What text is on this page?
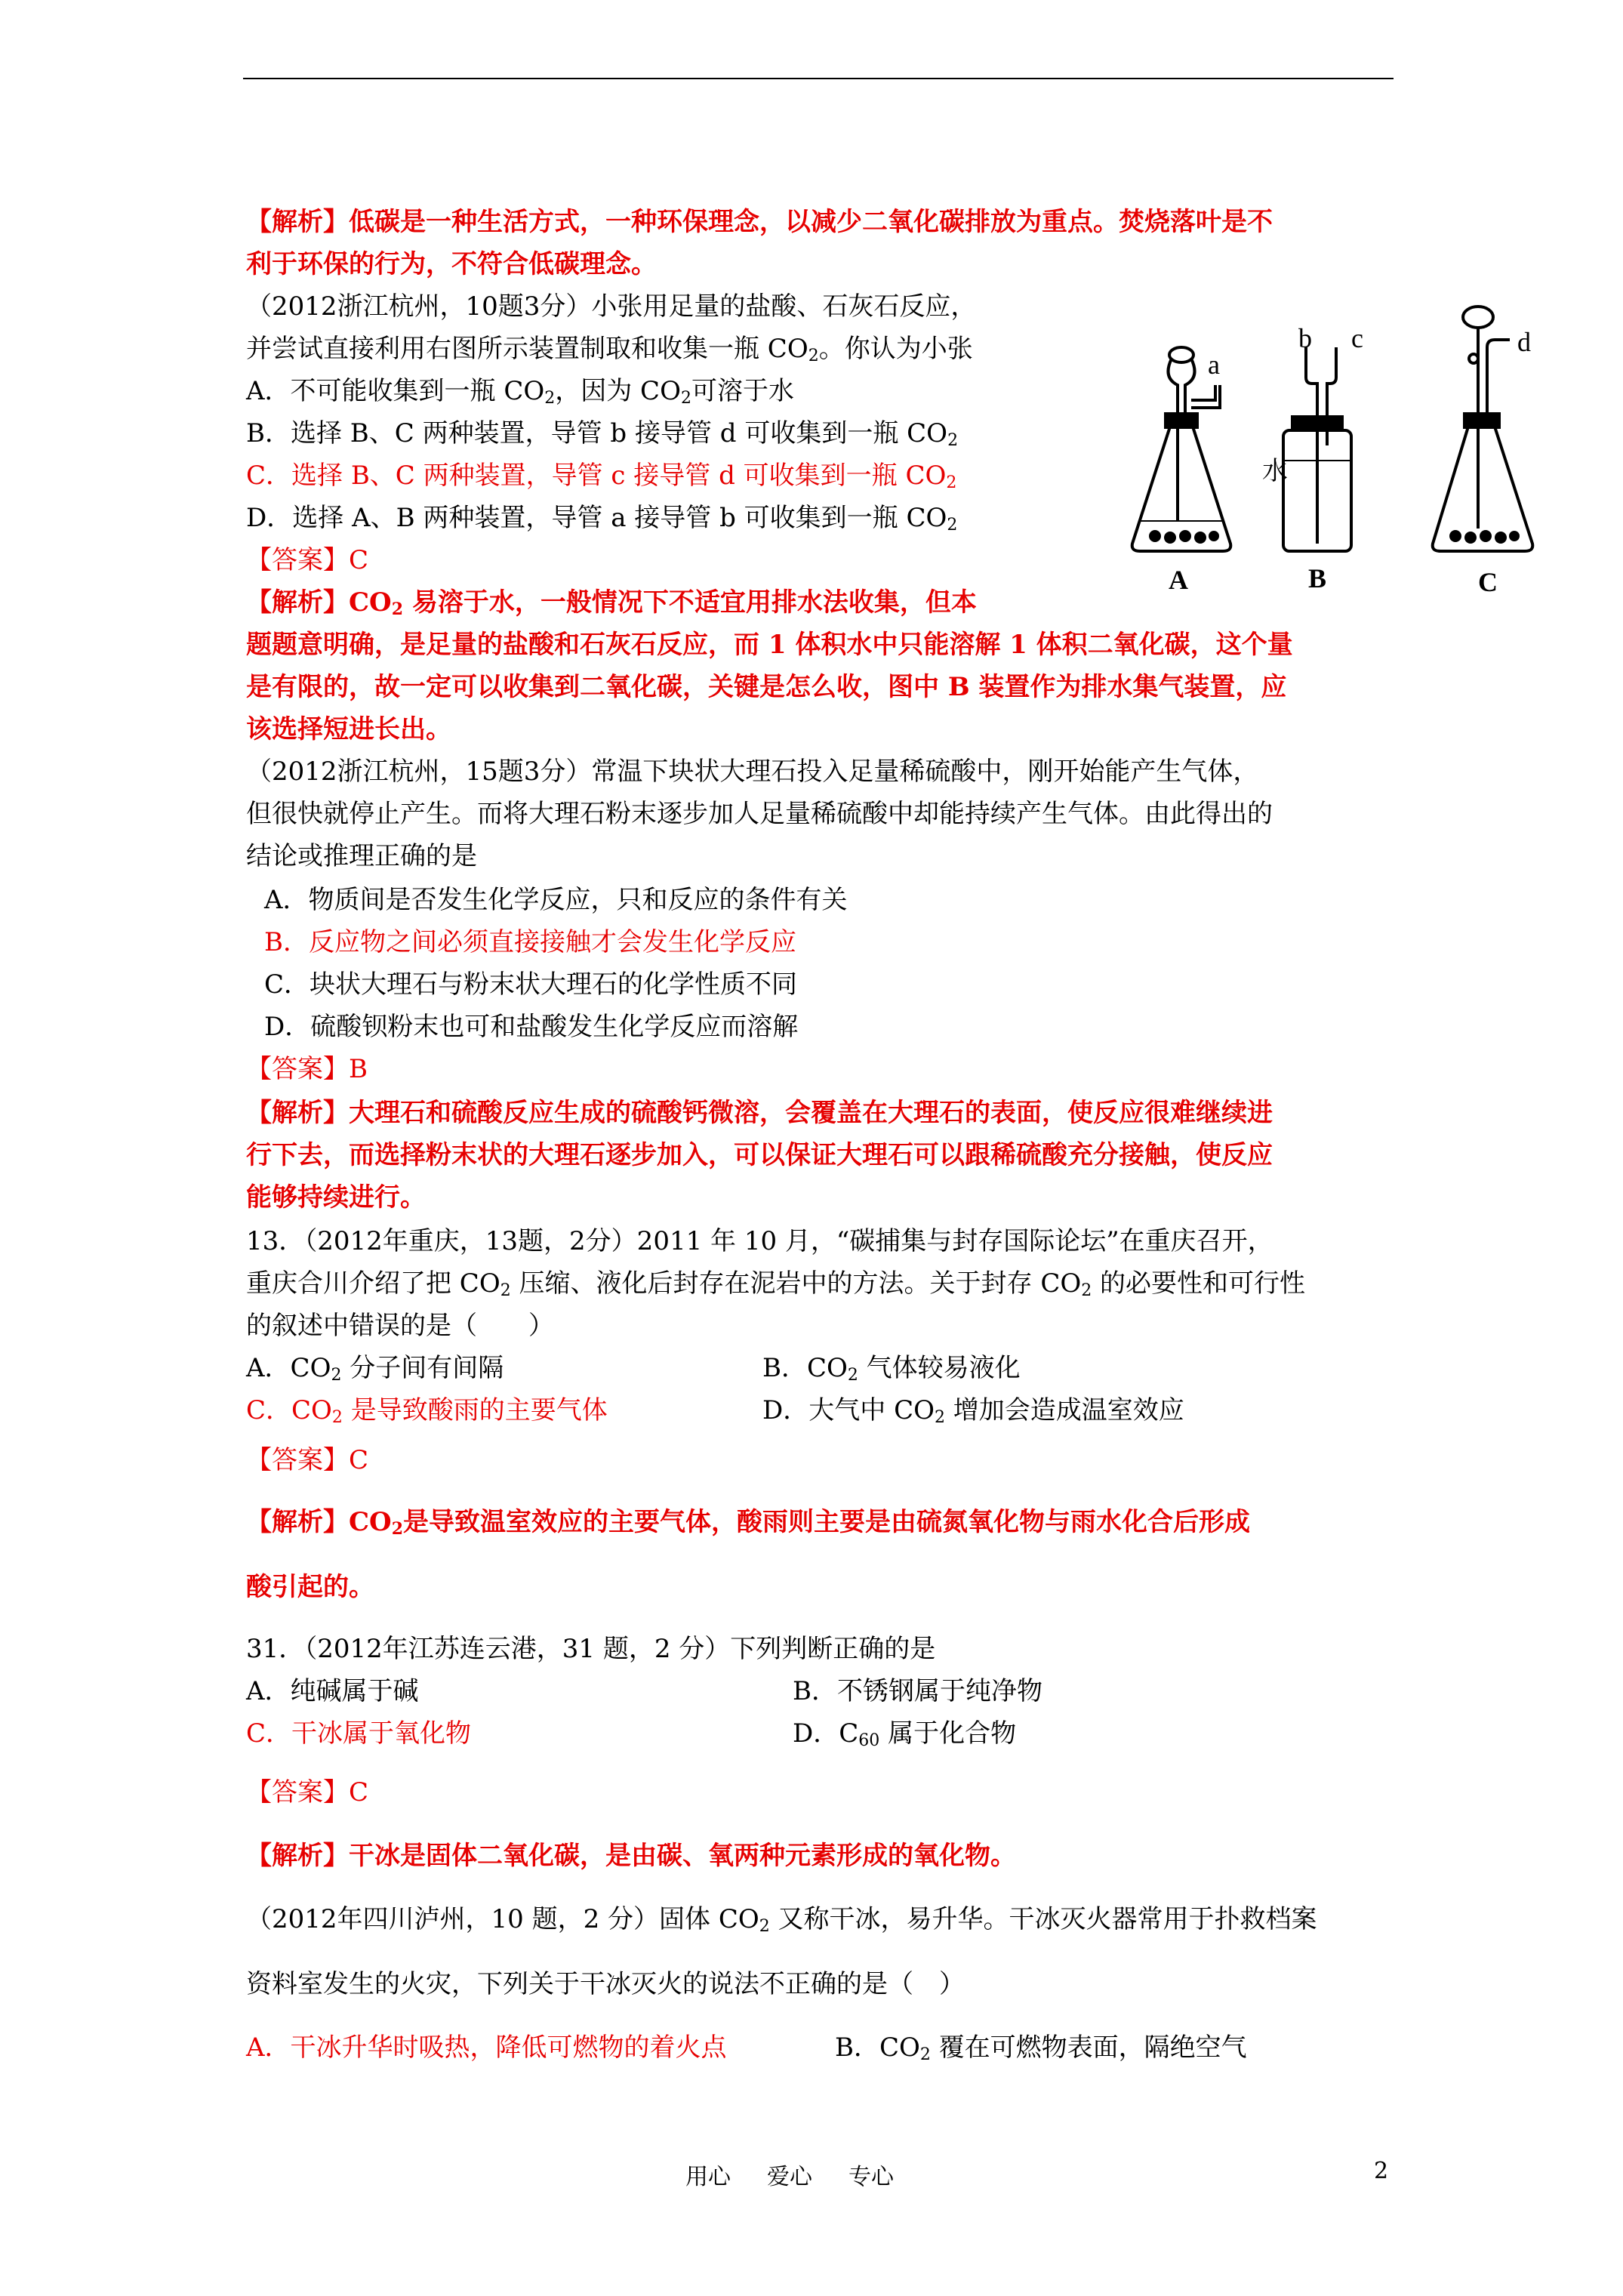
【解析】低碳是一种生活方式，一种环保理念，以减少二氧化碳排放为重点。焚烧落叶是不
利于环保的行为，不符合低碳理念。
（2012浙江杭州，10题3分）小张用足量的盐酸、石灰石反应，
并尝试直接利用右图所示装置制取和收集一瓶 $CO_2$。你认为小张
A．不可能收集到一瓶 $CO_2$，因为 $CO_2$可溶于水
B．选择 B、C 两种装置，导管 b 接导管 d 可收集到一瓶 $CO_2$
C．选择 B、C 两种装置，导管 c 接导管 d 可收集到一瓶 $CO_2$
D．选择 A、B 两种装置，导管 a 接导管 b 可收集到一瓶 $CO_2$
【答案】C
【解析】$CO_2$ 易溶于水，一般情况下不适宜用排水法收集，但本
题题意明确，是足量的盐酸和石灰石反应，而 1 体积水中只能溶解 1 体积二氧化碳，这个量
是有限的，故一定可以收集到二氧化碳，关键是怎么收，图中 B 装置作为排水集气装置，应
该选择短进长出。
a
b c	d
水
A	B	C
（2012浙江杭州，15题3分）常温下块状大理石投入足量稀硫酸中，刚开始能产生气体，
但很快就停止产生。而将大理石粉末逐步加人足量稀硫酸中却能持续产生气体。由此得出的
结论或推理正确的是
A．物质间是否发生化学反应，只和反应的条件有关
B．反应物之间必须直接接触才会发生化学反应
C．块状大理石与粉末状大理石的化学性质不同
D．硫酸钡粉末也可和盐酸发生化学反应而溶解
【答案】B
【解析】大理石和硫酸反应生成的硫酸钙微溶，会覆盖在大理石的表面，使反应很难继续进
行下去，而选择粉末状的大理石逐步加入，可以保证大理石可以跟稀硫酸充分接触，使反应
能够持续进行。
13．（2012年重庆，13题，2分）2011 年 10 月，“碳捕集与封存国际论坛”在重庆召开，
重庆合川介绍了把 $CO_2$ 压缩、液化后封存在泥岩中的方法。关于封存 $CO_2$ 的必要性和可行性
的叙述中错误的是（　　）
A．$CO_2$ 分子间有间隔	B．$CO_2$ 气体较易液化
C．$CO_2$ 是导致酸雨的主要气体	D．大气中 $CO_2$ 增加会造成温室效应
【答案】C
【解析】$CO_2$是导致温室效应的主要气体，酸雨则主要是由硫氮氧化物与雨水化合后形成
酸引起的。
31．（2012年江苏连云港，31 题，2 分）下列判断正确的是
A．纯碱属于碱	B．不锈钢属于纯净物
C．干冰属于氧化物	D．$C_{60}$ 属于化合物
【答案】C
【解析】干冰是固体二氧化碳，是由碳、氧两种元素形成的氧化物。
（2012年四川泸州，10 题，2 分）固体 $CO_2$ 又称干冰，易升华。干冰灭火器常用于扑救档案
资料室发生的火灾，下列关于干冰灭火的说法不正确的是（　）
A．干冰升华时吸热，降低可燃物的着火点	B．$CO_2$ 覆在可燃物表面，隔绝空气
用心 爱心 专心	2
